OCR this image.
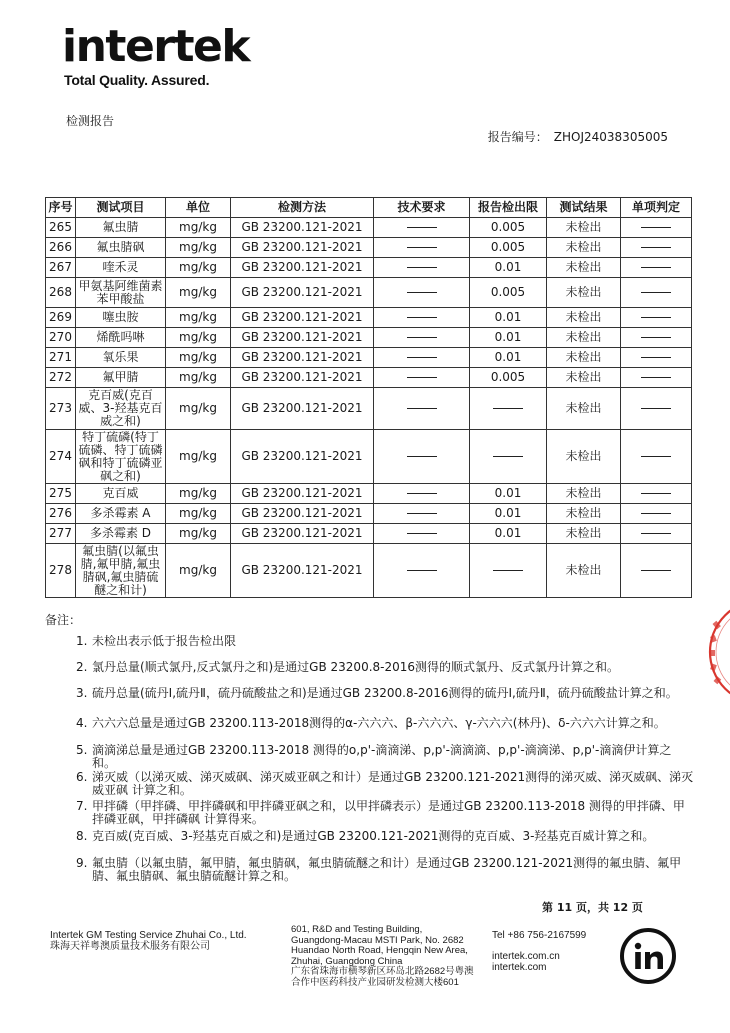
intertek
Total Quality. Assured.
检测报告
报告编号： ZHOJ24038305005
序号	测试项目	单位	检测方法	技术要求	报告检出限	测试结果	单项判定
265	氟虫腈	mg/kg	GB 23200.121-2021		0.005	未检出	
266	氟虫腈砜	mg/kg	GB 23200.121-2021		0.005	未检出	
267	喹禾灵	mg/kg	GB 23200.121-2021		0.01	未检出	
268	甲氨基阿维菌素苯甲酸盐	mg/kg	GB 23200.121-2021		0.005	未检出	
269	噻虫胺	mg/kg	GB 23200.121-2021		0.01	未检出	
270	烯酰吗啉	mg/kg	GB 23200.121-2021		0.01	未检出	
271	氧乐果	mg/kg	GB 23200.121-2021		0.01	未检出	
272	氟甲腈	mg/kg	GB 23200.121-2021		0.005	未检出	
273	克百威(克百威、3-羟基克百威之和)	mg/kg	GB 23200.121-2021			未检出	
274	特丁硫磷(特丁硫磷、特丁硫磷砜和特丁硫磷亚砜之和)	mg/kg	GB 23200.121-2021			未检出	
275	克百威	mg/kg	GB 23200.121-2021		0.01	未检出	
276	多杀霉素 A	mg/kg	GB 23200.121-2021		0.01	未检出	
277	多杀霉素 D	mg/kg	GB 23200.121-2021		0.01	未检出	
278	氟虫腈(以氟虫腈,氟甲腈,氟虫腈砜,氟虫腈硫醚之和计)	mg/kg	GB 23200.121-2021			未检出	
备注：
1. 未检出表示低于报告检出限
2. 氯丹总量(顺式氯丹,反式氯丹之和)是通过GB 23200.8-2016测得的顺式氯丹、反式氯丹计算之和。
3. 硫丹总量(硫丹Ⅰ,硫丹Ⅱ，硫丹硫酸盐之和)是通过GB 23200.8-2016测得的硫丹Ⅰ,硫丹Ⅱ，硫丹硫酸盐计算之和。
4. 六六六总量是通过GB 23200.113-2018测得的α-六六六、β-六六六、γ-六六六(林丹)、δ-六六六计算之和。
5. 滴滴涕总量是通过GB 23200.113-2018 测得的o,p'-滴滴涕、p,p'-滴滴滴、p,p'-滴滴涕、p,p'-滴滴伊计算之和。
6. 涕灭威（以涕灭威、涕灭威砜、涕灭威亚砜之和计）是通过GB 23200.121-2021测得的涕灭威、涕灭威砜、涕灭威亚砜 计算之和。
7. 甲拌磷（甲拌磷、甲拌磷砜和甲拌磷亚砜之和，以甲拌磷表示）是通过GB 23200.113-2018 测得的甲拌磷、甲拌磷亚砜，甲拌磷砜 计算得来。
8. 克百威(克百威、3-羟基克百威之和)是通过GB 23200.121-2021测得的克百威、3-羟基克百威计算之和。
9. 氟虫腈（以氟虫腈，氟甲腈，氟虫腈砜，氟虫腈硫醚之和计）是通过GB 23200.121-2021测得的氟虫腈、氟甲腈、氟虫腈砜、氟虫腈硫醚计算之和。
第 11 页，共 12 页
Intertek GM Testing Service Zhuhai Co., Ltd.
珠海天祥粤澳质量技术服务有限公司
601, R&D and Testing Building,
Guangdong-Macau MSTI Park, No. 2682
Huandao North Road, Hengqin New Area,
Zhuhai, Guangdong China
广东省珠海市横琴新区环岛北路2682号粤澳
合作中医药科技产业园研发检测大楼601
Tel +86 756-2167599
intertek.com.cn
intertek.com
